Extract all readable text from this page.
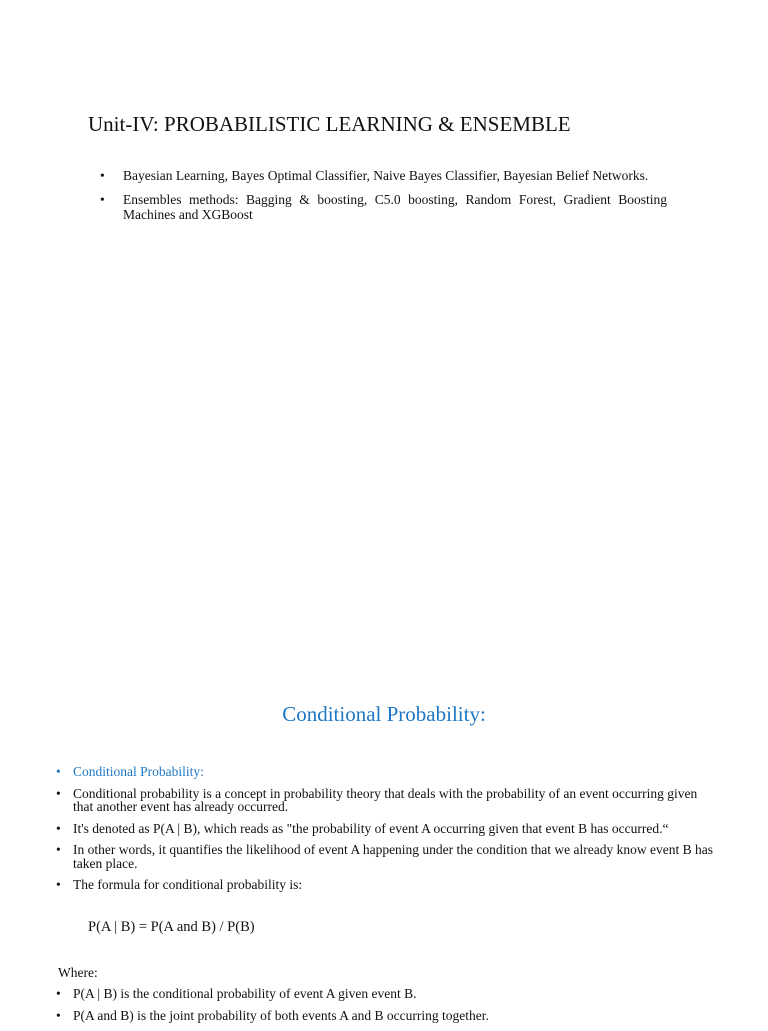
Unit-IV: PROBABILISTIC LEARNING & ENSEMBLE
• Bayesian Learning, Bayes Optimal Classifier, Naive Bayes Classifier, Bayesian Belief Networks.
• Ensembles methods: Bagging & boosting, C5.0 boosting, Random Forest, Gradient Boosting Machines and XGBoost
Conditional Probability:
• Conditional Probability:
• Conditional probability is a concept in probability theory that deals with the probability of an event occurring given that another event has already occurred.
• It's denoted as P(A | B), which reads as "the probability of event A occurring given that event B has occurred.“
• In other words, it quantifies the likelihood of event A happening under the condition that we already know event B has taken place.
• The formula for conditional probability is:

P(A | B) = P(A and B) / P(B)

Where:

• P(A | B) is the conditional probability of event A given event B.
• P(A and B) is the joint probability of both events A and B occurring together.
